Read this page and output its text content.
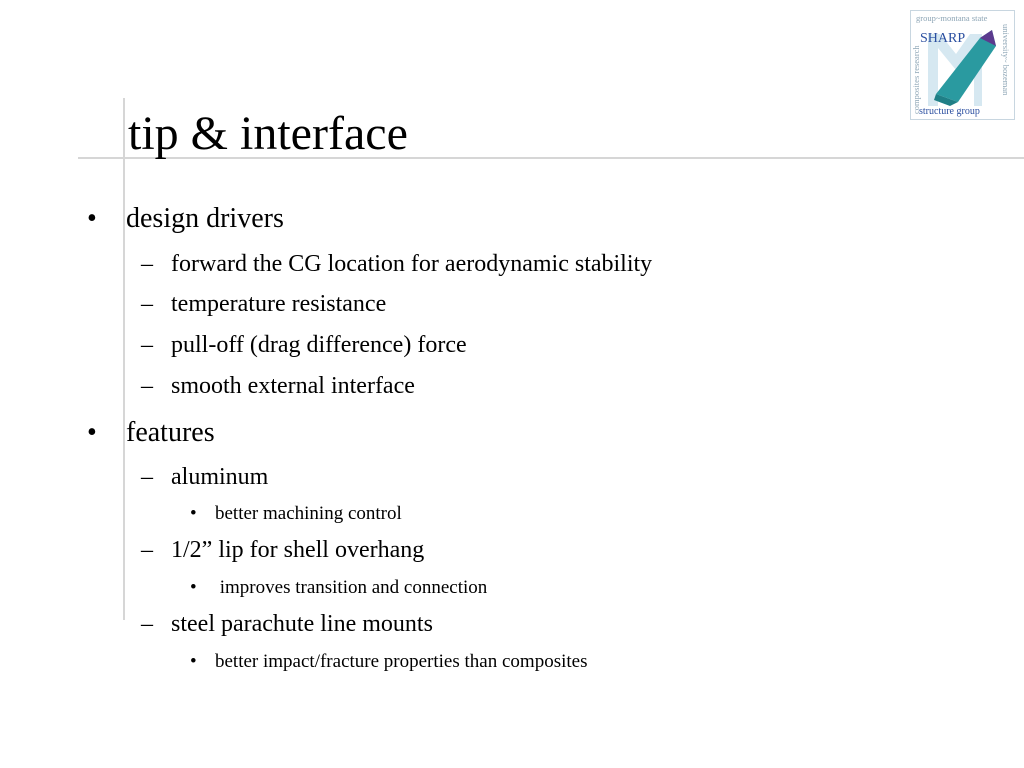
tip & interface
group~montana state
composites research	university~ bozeman
SHARP
structure group
• design drivers
– forward the CG location for aerodynamic stability
– temperature resistance
– pull-off (drag difference) force
– smooth external interface
• features
– aluminum
• better machining control
– 1/2” lip for shell overhang
• improves transition and connection
– steel parachute line mounts
• better impact/fracture properties than composites
